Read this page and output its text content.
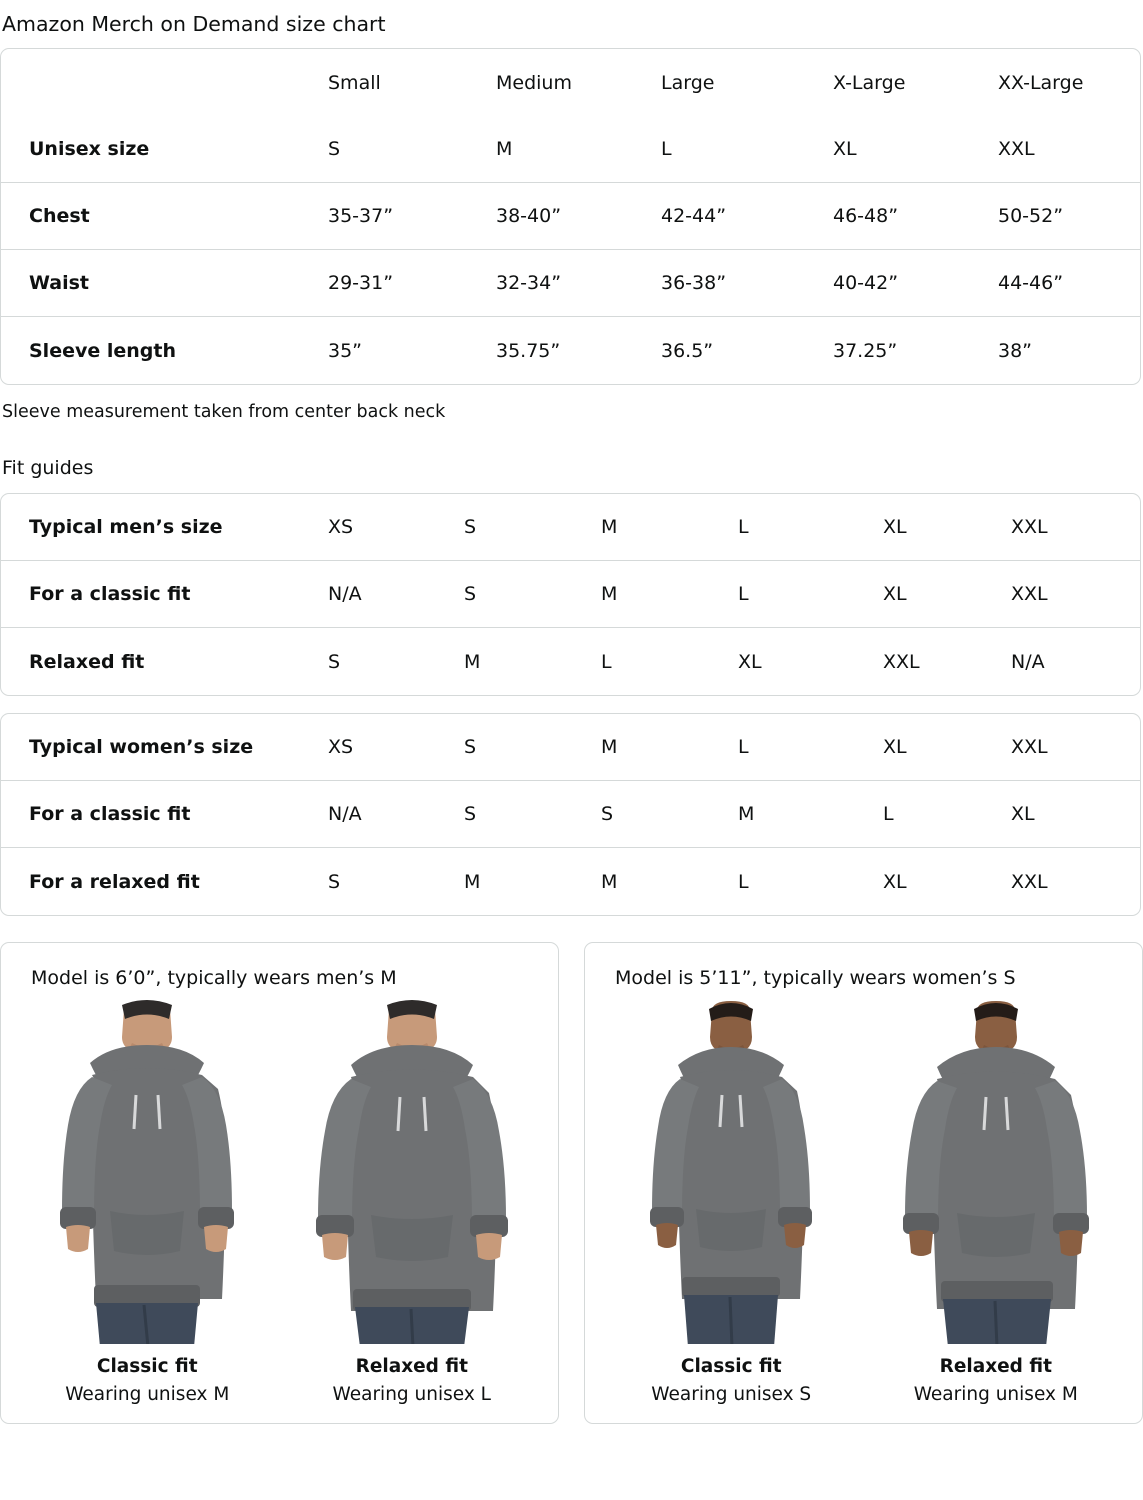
Amazon Merch on Demand size chart
	Small	Medium	Large	X-Large	XX-Large
Unisex size	S	M	L	XL	XXL
Chest	35-37”	38-40”	42-44”	46-48”	50-52”
Waist	29-31”	32-34”	36-38”	40-42”	44-46”
Sleeve length	35”	35.75”	36.5”	37.25”	38”
Sleeve measurement taken from center back neck
Fit guides
Typical men’s size	XS	S	M	L	XL	XXL
For a classic fit	N/A	S	M	L	XL	XXL
Relaxed fit	S	M	L	XL	XXL	N/A
Typical women’s size	XS	S	M	L	XL	XXL
For a classic fit	N/A	S	S	M	L	XL
For a relaxed fit	S	M	M	L	XL	XXL
Model is 6’0”, typically wears men’s M
Classic fit
Wearing unisex M
Relaxed fit
Wearing unisex L
Model is 5’11”, typically wears women’s S
Classic fit
Wearing unisex S
Relaxed fit
Wearing unisex M
